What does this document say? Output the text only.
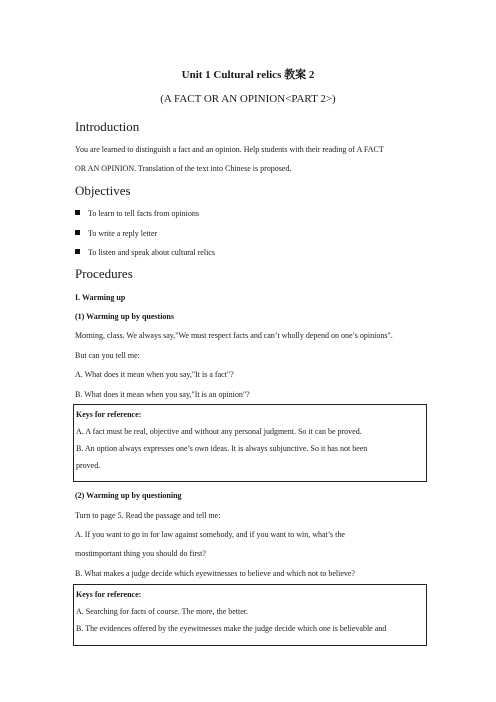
Unit 1 Cultural relics 教案 2
(A FACT OR AN OPINION<PART 2>)
Introduction
You are learned to distinguish a fact and an opinion. Help students with their reading of A FACT
OR AN OPINION. Translation of the text into Chinese is proposed.
Objectives
To learn to tell facts from opinions
To write a reply letter
To listen and speak about cultural relics
Procedures
I. Warming up
(1) Warming up by questions
Morning, class. We always say,"We must respect facts and can’t wholly depend on one’s opinions".
But can you tell me:
A. What does it mean when you say,"It is a fact"?
B. What does it mean when you say,"It is an opinion"?
Keys for reference:
A. A fact must be real, objective and without any personal judgment. So it can be proved.
B. An option always expresses one’s own ideas. It is always subjunctive. So it has not been
proved.
(2) Warming up by questioning
Turn to page 5. Read the passage and tell me:
A. If you want to go in for law against somebody, and if you want to win, what’s the
mostimportant thing you should do first?
B. What makes a judge decide which eyewitnesses to believe and which not to believe?
Keys for reference:
A. Searching for facts of course. The more, the better.
B. The evidences offered by the eyewitnesses make the judge decide which one is believable and
